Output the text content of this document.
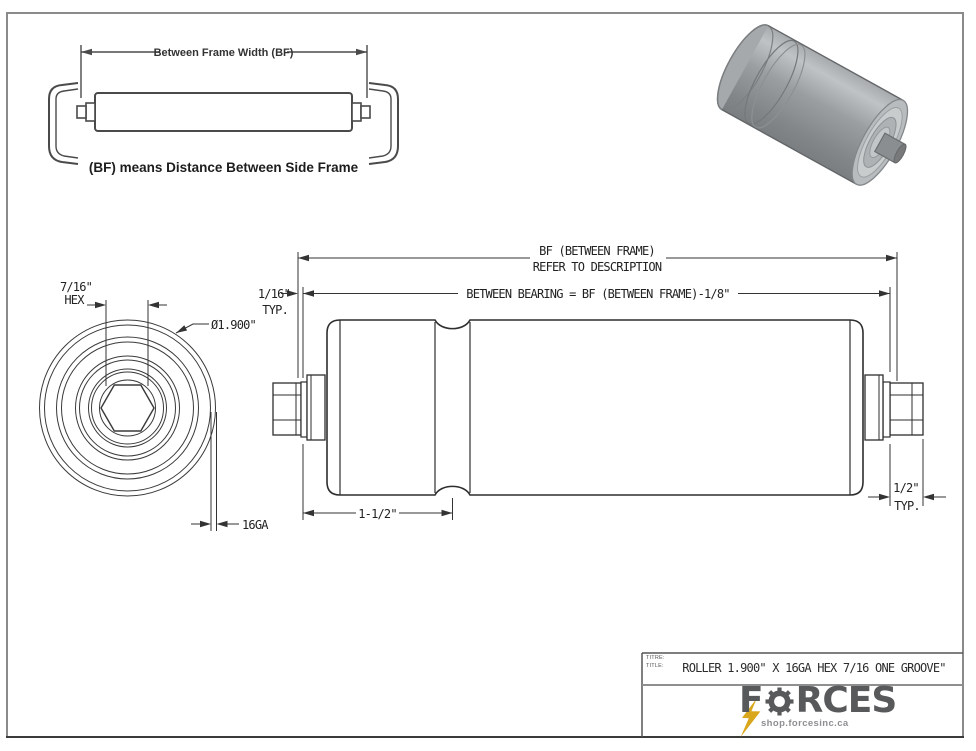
Between Frame Width (BF)
(BF) means Distance Between Side Frame
7/16"
HEX
Ø1.900"
16GA
BF (BETWEEN FRAME)
REFER TO DESCRIPTION
BETWEEN BEARING = BF (BETWEEN FRAME)-1/8"
1/16"
TYP.
1-1/2"
1/2"
TYP.
TITRE:
TITLE:	ROLLER 1.900" X 16GA HEX 7/16 ONE GROOVE"
F RCES
shop.forcesinc.ca
